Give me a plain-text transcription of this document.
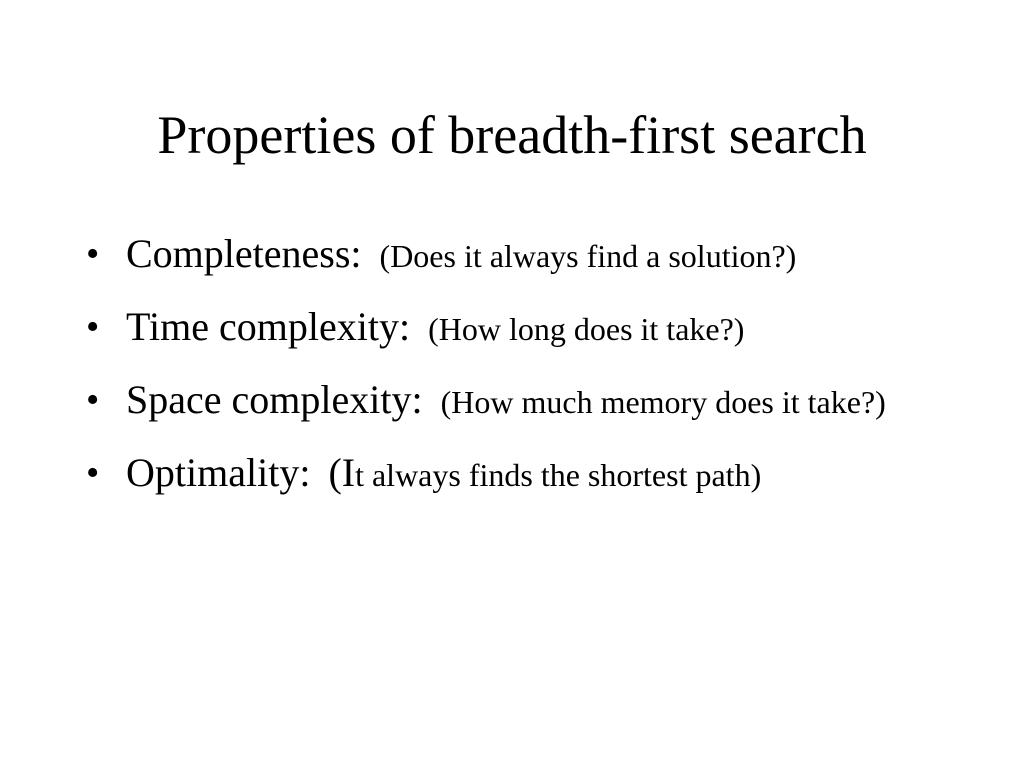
Properties of breadth-first search
• Completeness: (Does it always find a solution?)
• Time complexity: (How long does it take?)
• Space complexity: (How much memory does it take?)
• Optimality: (It always finds the shortest path)
